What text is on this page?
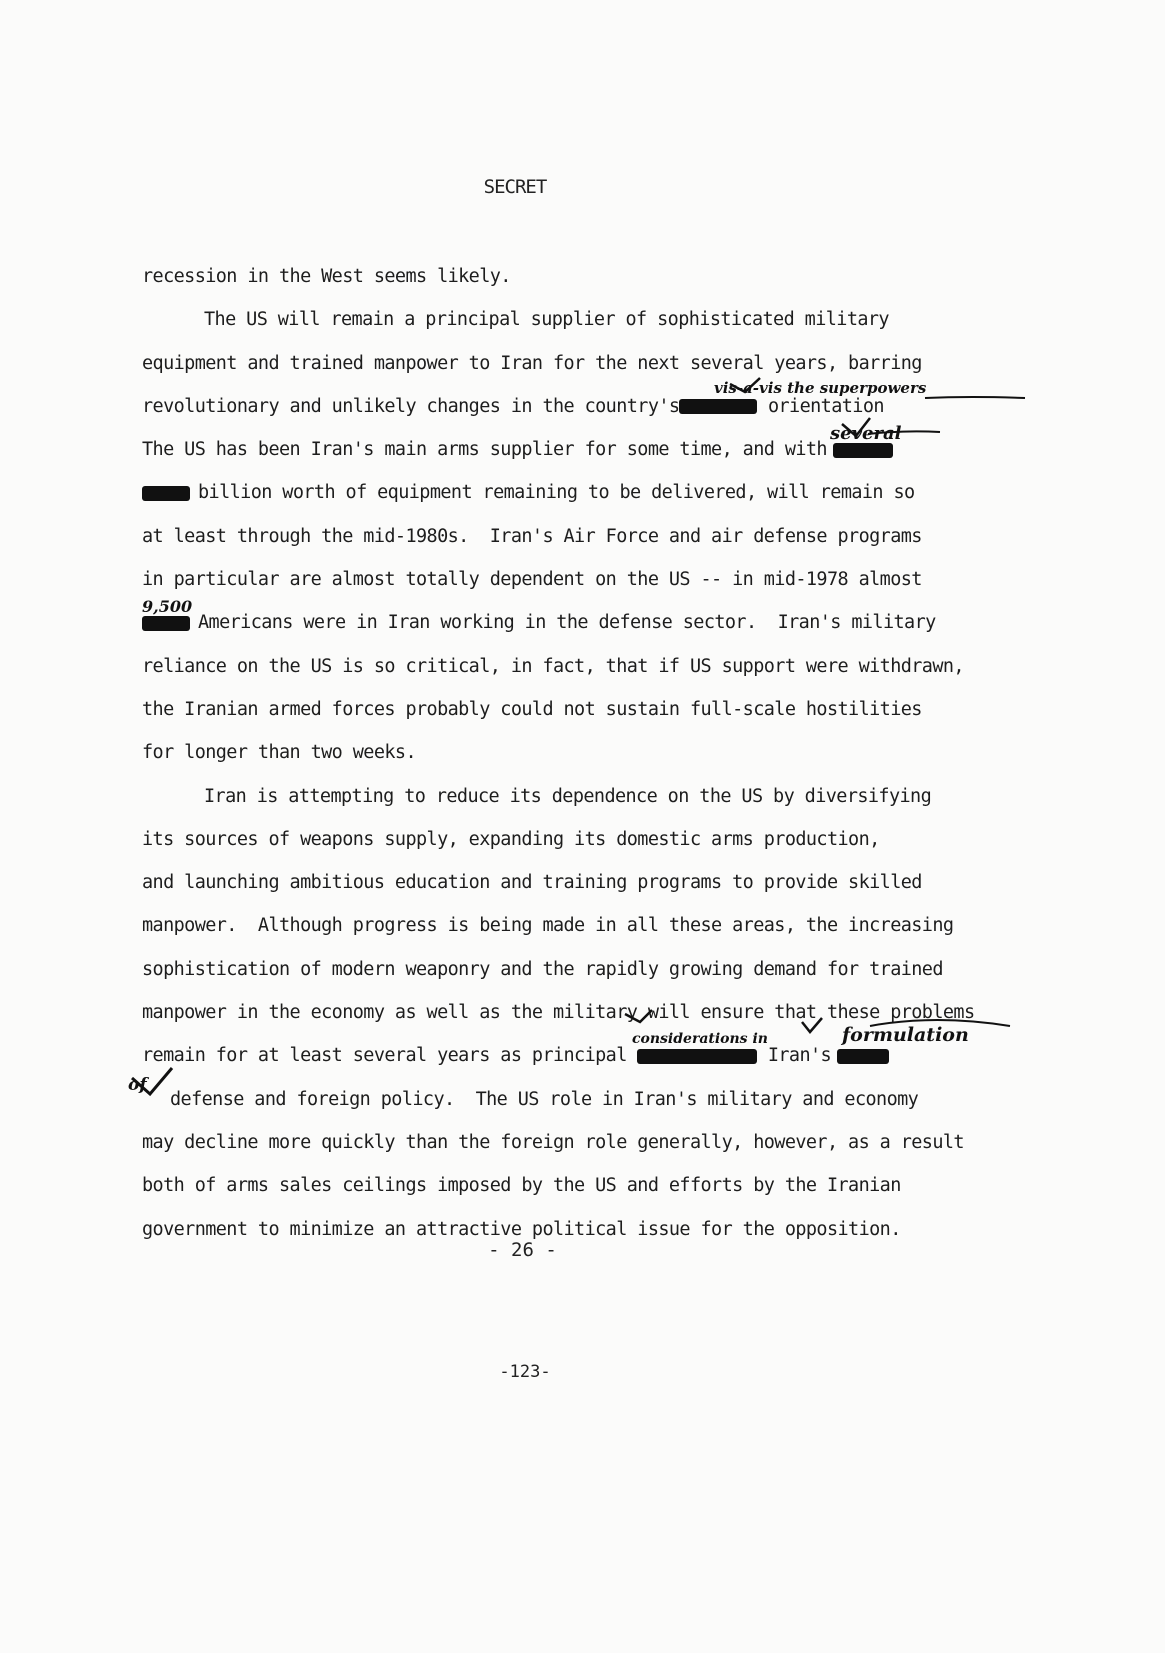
SECRET
recession in the West seems likely.
The US will remain a principal supplier of sophisticated military
equipment and trained manpower to Iran for the next several years, barring
revolutionary and unlikely changes in the country's	orientation
vis-a-vis the superpowers
The US has been Iran's main arms supplier for some time, and with
several
billion worth of equipment remaining to be delivered, will remain so
at least through the mid-1980s.  Iran's Air Force and air defense programs
in particular are almost totally dependent on the US -- in mid-1978 almost
Americans were in Iran working in the defense sector.  Iran's military
9,500
reliance on the US is so critical, in fact, that if US support were withdrawn,
the Iranian armed forces probably could not sustain full-scale hostilities
for longer than two weeks.
Iran is attempting to reduce its dependence on the US by diversifying
its sources of weapons supply, expanding its domestic arms production,
and launching ambitious education and training programs to provide skilled
manpower.  Although progress is being made in all these areas, the increasing
sophistication of modern weaponry and the rapidly growing demand for trained
manpower in the economy as well as the military will ensure that these problems
remain for at least several years as principal	Iran's
considerations in	formulation
defense and foreign policy.  The US role in Iran's military and economy
of
may decline more quickly than the foreign role generally, however, as a result
both of arms sales ceilings imposed by the US and efforts by the Iranian
government to minimize an attractive political issue for the opposition.
- 26 -
-123-
